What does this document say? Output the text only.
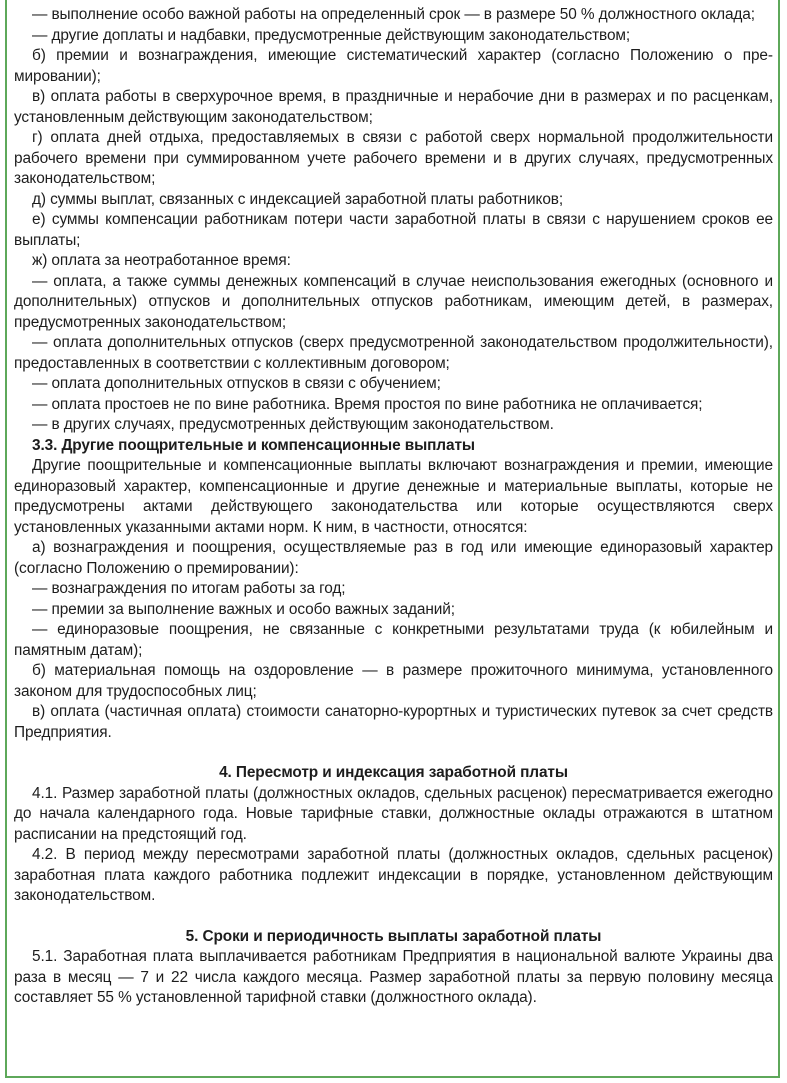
— выполнение особо важной работы на определенный срок — в размере 50 % должностного оклада;

— другие доплаты и надбавки, предусмотренные действующим законодательством;

б) премии и вознаграждения, имеющие систематический характер (согласно Положению о премировании);

в) оплата работы в сверхурочное время, в праздничные и нерабочие дни в размерах и по расценкам, установленным действующим законодательством;

г) оплата дней отдыха, предоставляемых в связи с работой сверх нормальной продолжительности рабочего времени при суммированном учете рабочего времени и в других случаях, предусмотренных законодательством;

д) суммы выплат, связанных с индексацией заработной платы работников;

е) суммы компенсации работникам потери части заработной платы в связи с нарушением сроков ее выплаты;

ж) оплата за неотработанное время:

— оплата, а также суммы денежных компенсаций в случае неиспользования ежегодных (основного и дополнительных) отпусков и дополнительных отпусков работникам, имеющим детей, в размерах, предусмотренных законодательством;

— оплата дополнительных отпусков (сверх предусмотренной законодательством продолжительности), предоставленных в соответствии с коллективным договором;

— оплата дополнительных отпусков в связи с обучением;

— оплата простоев не по вине работника. Время простоя по вине работника не оплачивается;

— в других случаях, предусмотренных действующим законодательством.

3.3. Другие поощрительные и компенсационные выплаты

Другие поощрительные и компенсационные выплаты включают вознаграждения и премии, имеющие единоразовый характер, компенсационные и другие денежные и материальные выплаты, которые не предусмотрены актами действующего законодательства или которые осуществляются сверх установленных указанными актами норм. К ним, в частности, относятся:

а) вознаграждения и поощрения, осуществляемые раз в год или имеющие единоразовый характер (согласно Положению о премировании):

— вознаграждения по итогам работы за год;

— премии за выполнение важных и особо важных заданий;

— единоразовые поощрения, не связанные с конкретными результатами труда (к юбилейным и памятным датам);

б) материальная помощь на оздоровление — в размере прожиточного минимума, установленного законом для трудоспособных лиц;

в) оплата (частичная оплата) стоимости санаторно-курортных и туристических путевок за счет средств Предприятия.

4. Пересмотр и индексация заработной платы

4.1. Размер заработной платы (должностных окладов, сдельных расценок) пересматривается ежегодно до начала календарного года. Новые тарифные ставки, должностные оклады отражаются в штатном расписании на предстоящий год.

4.2. В период между пересмотрами заработной платы (должностных окладов, сдельных расценок) заработная плата каждого работника подлежит индексации в порядке, установленном действующим законодательством.

5. Сроки и периодичность выплаты заработной платы

5.1. Заработная плата выплачивается работникам Предприятия в национальной валюте Украины два раза в месяц — 7 и 22 числа каждого месяца. Размер заработной платы за первую половину месяца составляет 55 % установленной тарифной ставки (должностного оклада).
